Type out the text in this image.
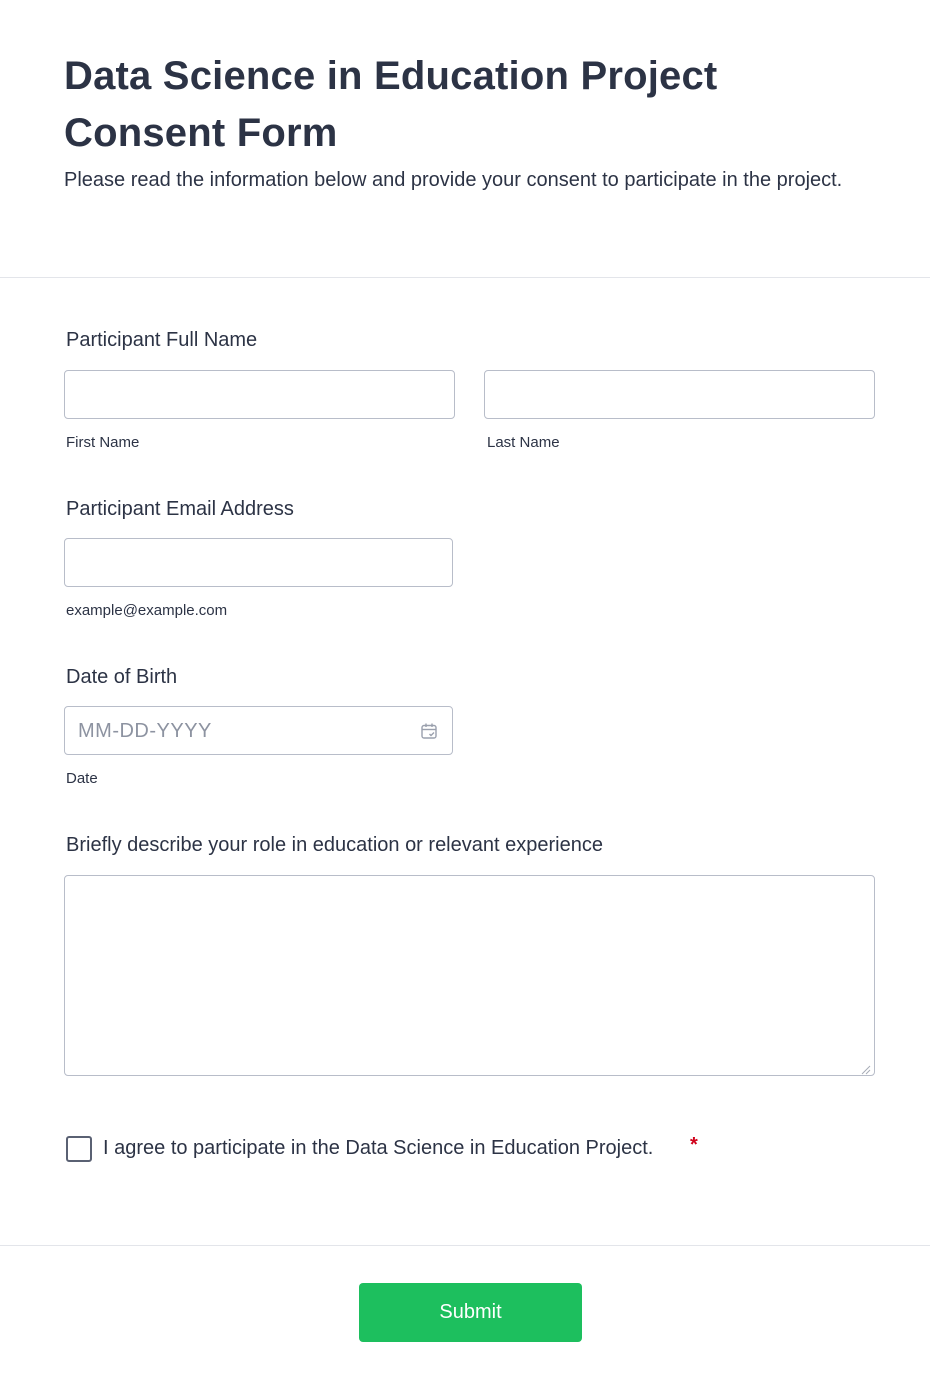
Data Science in Education Project Consent Form

Please read the information below and provide your consent to participate in the project.

Participant Full Name
First Name	Last Name
Participant Email Address
example@example.com
Date of Birth
MM-DD-YYYY
Date
Briefly describe your role in education or relevant experience
I agree to participate in the Data Science in Education Project. *
Submit
